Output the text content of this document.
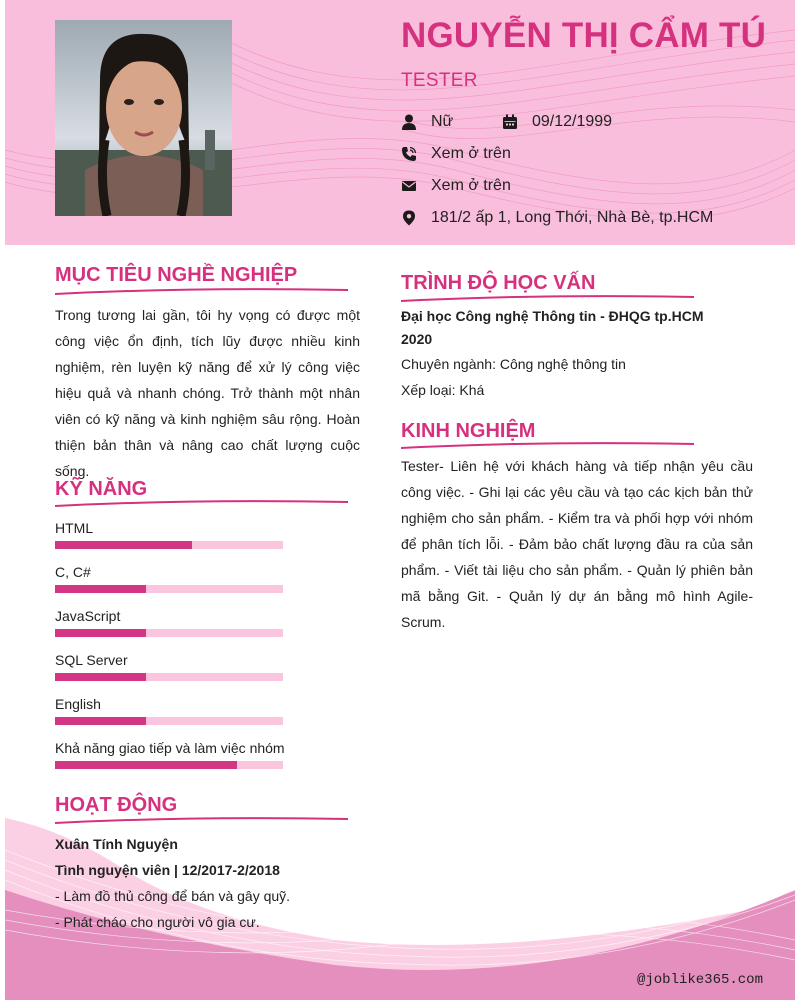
NGUYỄN THỊ CẨM TÚ
TESTER
Nữ	09/12/1999
Xem ở trên
Xem ở trên
181/2 ấp 1, Long Thới, Nhà Bè, tp.HCM
@joblike365.com
MỤC TIÊU NGHỀ NGHIỆP
Trong tương lai gần, tôi hy vọng có được một công việc ổn định, tích lũy được nhiều kinh nghiệm, rèn luyện kỹ năng để xử lý công việc hiệu quả và nhanh chóng. Trở thành một nhân viên có kỹ năng và kinh nghiệm sâu rộng. Hoàn thiện bản thân và nâng cao chất lượng cuộc sống.
KỸ NĂNG
HTML
C, C#
JavaScript
SQL Server
English
Khả năng giao tiếp và làm việc nhóm
HOẠT ĐỘNG
Xuân Tính Nguyện
Tình nguyện viên | 12/2017-2/2018
- Làm đồ thủ công để bán và gây quỹ.
- Phát cháo cho người vô gia cư.
TRÌNH ĐỘ HỌC VẤN
Đại học Công nghệ Thông tin - ĐHQG tp.HCM
2020
Chuyên ngành: Công nghệ thông tin
Xếp loại: Khá
KINH NGHIỆM
Tester- Liên hệ với khách hàng và tiếp nhận yêu cầu công việc. - Ghi lại các yêu cầu và tạo các kịch bản thử nghiệm cho sản phẩm. - Kiểm tra và phối hợp với nhóm để phân tích lỗi. - Đảm bảo chất lượng đầu ra của sản phẩm. - Viết tài liệu cho sản phẩm. - Quản lý phiên bản mã bằng Git. - Quản lý dự án bằng mô hình Agile-Scrum.
